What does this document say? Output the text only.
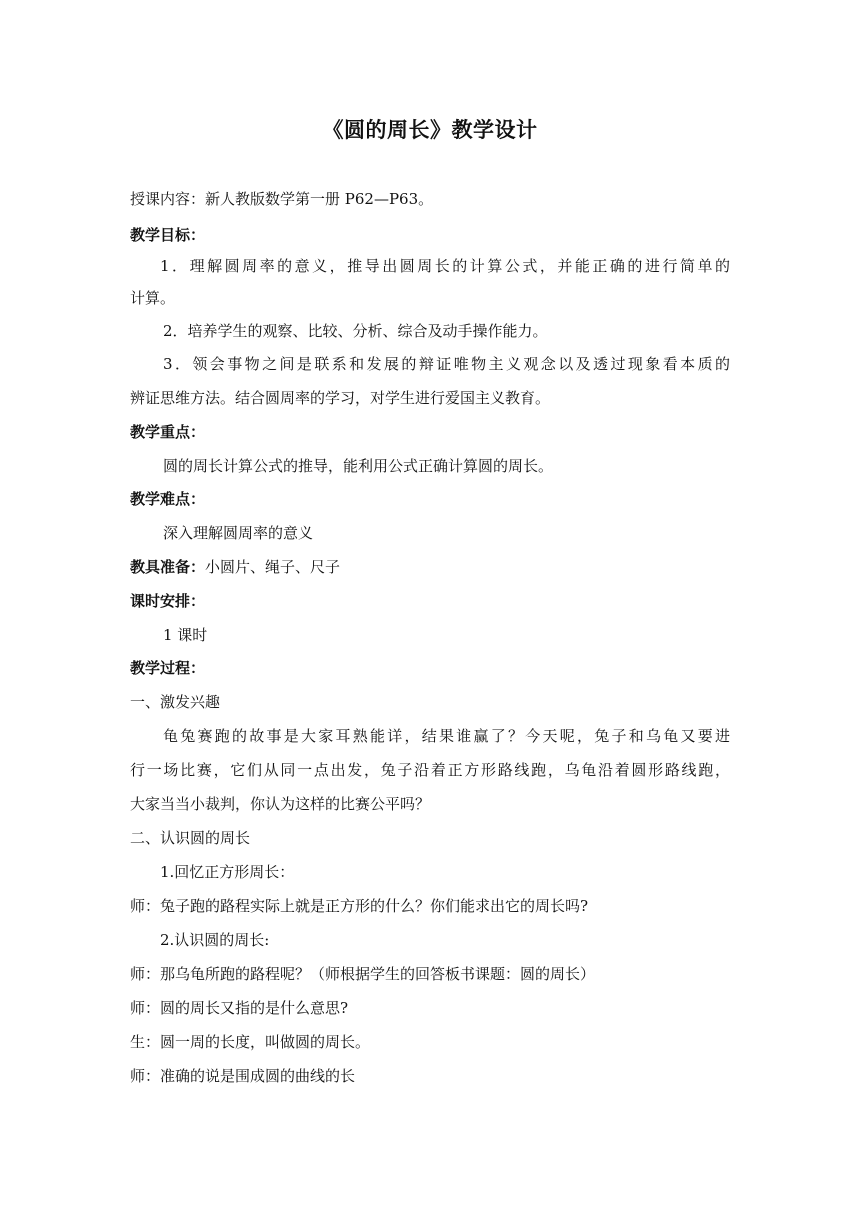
《圆的周长》教学设计
授课内容：新人教版数学第一册 P62—P63。
教学目标：
1．理解圆周率的意义，推导出圆周长的计算公式，并能正确的进行简单的
计算。
2．培养学生的观察、比较、分析、综合及动手操作能力。
3．领会事物之间是联系和发展的辩证唯物主义观念以及透过现象看本质的
辨证思维方法。结合圆周率的学习，对学生进行爱国主义教育。
教学重点：
圆的周长计算公式的推导，能利用公式正确计算圆的周长。
教学难点：
深入理解圆周率的意义
教具准备：小圆片、绳子、尺子
课时安排：
1 课时
教学过程：
一、激发兴趣
龟兔赛跑的故事是大家耳熟能详，结果谁赢了？今天呢，兔子和乌龟又要进
行一场比赛，它们从同一点出发，兔子沿着正方形路线跑，乌龟沿着圆形路线跑，
大家当当小裁判，你认为这样的比赛公平吗？
二、认识圆的周长
1.回忆正方形周长：
师：兔子跑的路程实际上就是正方形的什么？你们能求出它的周长吗?
2.认识圆的周长:
师：那乌龟所跑的路程呢？（师根据学生的回答板书课题：圆的周长）
师：圆的周长又指的是什么意思?
生：圆一周的长度，叫做圆的周长。
师：准确的说是围成圆的曲线的长
